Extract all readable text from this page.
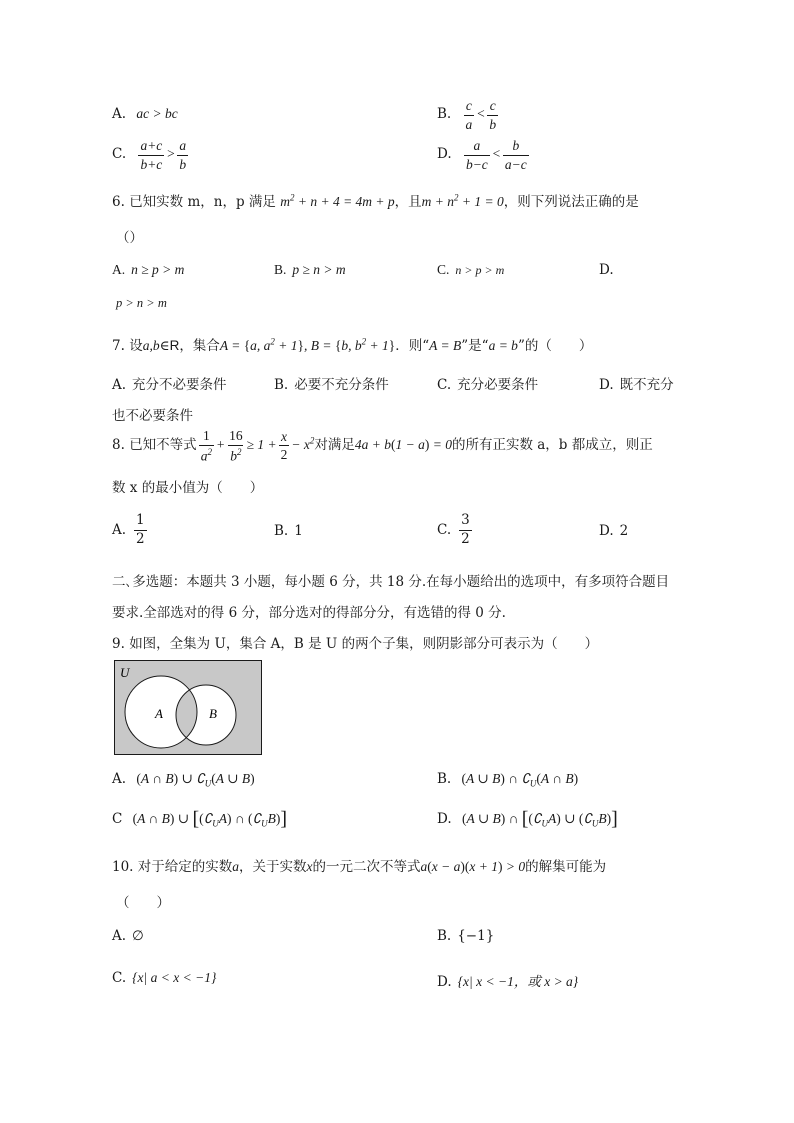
A. ac > bc	B. $\frac{c}{a} < \frac{c}{b}$
C. $\frac{a+c}{b+c} > \frac{a}{b}$	D. $\frac{a}{b-c} < \frac{b}{a-c}$
6. 已知实数 m，n，p 满足 $m^2 + n + 4 = 4m + p$，且$m + n^2 + 1 = 0$，则下列说法正确的是
（）
A. n ≥ p > m	B. p ≥ n > m	C. n > p > m	D.
p > n > m
7. 设a,b∈R，集合A = {a, $a^2 + 1$}, B = {b, $b^2 + 1$}．则“A = B”是“a = b”的（　　）
A. 充分不必要条件	B. 必要不充分条件	C. 充分必要条件	D. 既不充分
也不必要条件
8. 已知不等式 $\frac{1}{a^2} + \frac{16}{b^2} \ge 1 + \frac{x}{2} - x^2$对满足4a + b(1 − a) = 0的所有正实数 a，b 都成立，则正
数 x 的最小值为（　　）
A. $\frac{1}{2}$	B. 1	C. $\frac{3}{2}$	D. 2
二､多选题：本题共 3 小题，每小题 6 分，共 18 分.在每小题给出的选项中，有多项符合题目
要求.全部选对的得 6 分，部分选对的得部分分，有选错的得 0 分.
9. 如图，全集为 U，集合 A，B 是 U 的两个子集，则阴影部分可表示为（　　）
U
A	B
A. (A ∩ B) ∪ $∁_U(A$ ∪ B)	B. (A ∪ B) ∩ $∁_U(A$ ∩ B)
C (A ∩ B) ∪ [$(∁_UA)$ ∩ $(∁_UB)$]	D. (A ∪ B) ∩ [$(∁_UA)$ ∪ $(∁_UB)$]
10. 对于给定的实数a，关于实数x的一元二次不等式a(x − a)(x + 1) > 0的解集可能为
（　　）
A. ∅	B. {−1}
C. {x| a < x < −1}	D. {x| x < −1，或 x > a}
